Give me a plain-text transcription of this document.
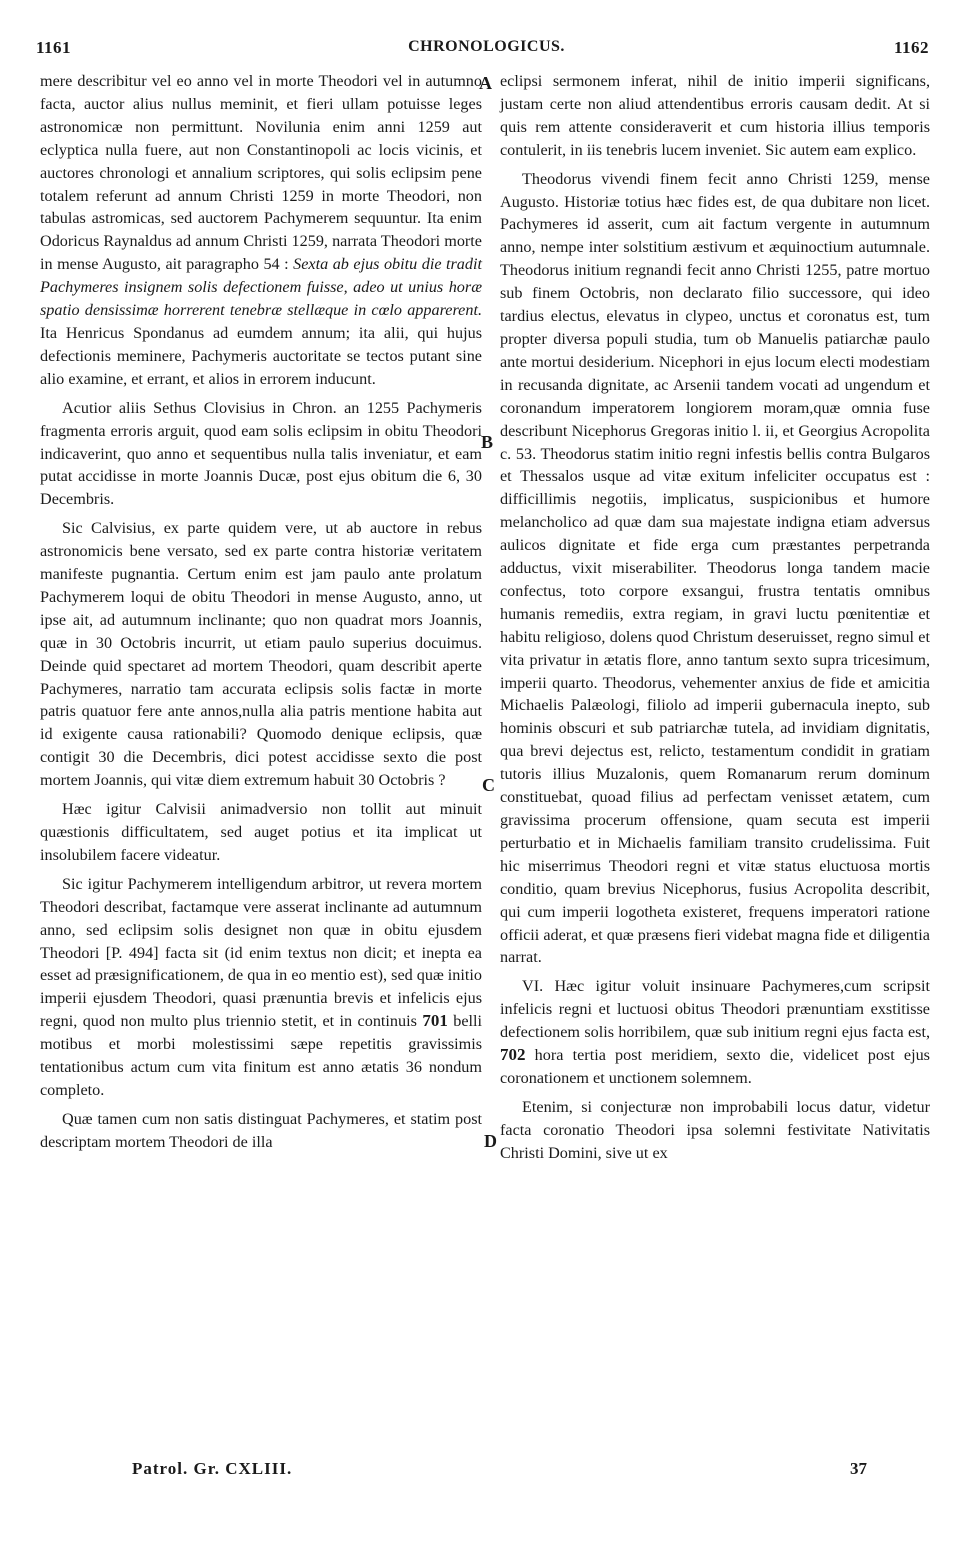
1161	CHRONOLOGICUS.	1162
A
B
C
D

mere describitur vel eo anno vel in morte Theodori vel in autumno facta, auctor alius nullus meminit, et fieri ullam potuisse leges astronomicæ non permittunt. Novilunia enim anni 1259 aut eclyptica nulla fuere, aut non Constantinopoli ac locis vicinis, et auctores chronologi et annalium scriptores, qui solis eclipsim pene totalem referunt ad annum Christi 1259 in morte Theodori, non tabulas astromicas, sed auctorem Pachymerem sequuntur. Ita enim Odoricus Raynaldus ad annum Christi 1259, narrata Theodori morte in mense Augusto, ait paragrapho 54 : Sexta ab ejus obitu die tradit Pachymeres insignem solis defectionem fuisse, adeo ut unius horæ spatio densissimæ horrerent tenebræ stellæque in cœlo apparerent. Ita Henricus Spondanus ad eumdem annum; ita alii, qui hujus defectionis meminere, Pachymeris auctoritate se tectos putant sine alio examine, et errant, et alios in errorem inducunt.

Acutior aliis Sethus Clovisius in Chron. an 1255 Pachymeris fragmenta erroris arguit, quod eam solis eclipsim in obitu Theodori indicaverint, quo anno et sequentibus nulla talis inveniatur, et eam putat accidisse in morte Joannis Ducæ, post ejus obitum die 6, 30 Decembris.

Sic Calvisius, ex parte quidem vere, ut ab auctore in rebus astronomicis bene versato, sed ex parte contra historiæ veritatem manifeste pugnantia. Certum enim est jam paulo ante prolatum Pachymerem loqui de obitu Theodori in mense Augusto, anno, ut ipse ait, ad autumnum inclinante; quo non quadrat mors Joannis, quæ in 30 Octobris incurrit, ut etiam paulo superius docuimus. Deinde quid spectaret ad mortem Theodori, quam describit aperte Pachymeres, narratio tam accurata eclipsis solis factæ in morte patris quatuor fere ante annos,nulla alia patris mentione habita aut id exigente causa rationabili? Quomodo denique eclipsis, quæ contigit 30 die Decembris, dici potest accidisse sexto die post mortem Joannis, qui vitæ diem extremum habuit 30 Octobris ?

Hæc igitur Calvisii animadversio non tollit aut minuit quæstionis difficultatem, sed auget potius et ita implicat ut insolubilem facere videatur.

Sic igitur Pachymerem intelligendum arbitror, ut revera mortem Theodori describat, factamque vere asserat inclinante ad autumnum anno, sed eclipsim solis designet non quæ in obitu ejusdem Theodori [P. 494] facta sit (id enim textus non dicit; et inepta ea esset ad præsignificationem, de qua in eo mentio est), sed quæ initio imperii ejusdem Theodori, quasi prænuntia brevis et infelicis ejus regni, quod non multo plus triennio stetit, et in continuis 701 belli motibus et morbi molestissimi sæpe repetitis gravissimis tentationibus actum cum vita finitum est anno ætatis 36 nondum completo.

Quæ tamen cum non satis distinguat Pachymeres, et statim post descriptam mortem Theodori de illa

eclipsi sermonem inferat, nihil de initio imperii significans, justam certe non aliud attendentibus erroris causam dedit. At si quis rem attente consideraverit et cum historia illius temporis contulerit, in iis tenebris lucem inveniet. Sic autem eam explico.

Theodorus vivendi finem fecit anno Christi 1259, mense Augusto. Historiæ totius hæc fides est, de qua dubitare non licet. Pachymeres id asserit, cum ait factum vergente in autumnum anno, nempe inter solstitium æstivum et æquinoctium autumnale. Theodorus initium regnandi fecit anno Christi 1255, patre mortuo sub finem Octobris, non declarato filio successore, qui ideo tardius electus, elevatus in clypeo, unctus et coronatus est, tum propter diversa populi studia, tum ob Manuelis patiarchæ paulo ante mortui desiderium. Nicephori in ejus locum electi modestiam in recusanda dignitate, ac Arsenii tandem vocati ad ungendum et coronandum imperatorem longiorem moram,quæ omnia fuse describunt Nicephorus Gregoras initio l. ii, et Georgius Acropolita c. 53. Theodorus statim initio regni infestis bellis contra Bulgaros et Thessalos usque ad vitæ exitum infeliciter occupatus est : difficillimis negotiis, implicatus, suspicionibus et humore melancholico ad quæ dam sua majestate indigna etiam adversus aulicos dignitate et fide erga cum præstantes perpetranda adductus, vixit miserabiliter. Theodorus longa tandem macie confectus, toto corpore exsangui, frustra tentatis omnibus humanis remediis, extra regiam, in gravi luctu pœnitentiæ et habitu religioso, dolens quod Christum deseruisset, regno simul et vita privatur in ætatis flore, anno tantum sexto supra tricesimum, imperii quarto. Theodorus, vehementer anxius de fide et amicitia Michaelis Palæologi, filiolo ad imperii gubernacula inepto, sub hominis obscuri et sub patriarchæ tutela, ad invidiam dignitatis, qua brevi dejectus est, relicto, testamentum condidit in gratiam tutoris illius Muzalonis, quem Romanarum rerum dominum constituebat, quoad filius ad perfectam venisset ætatem, cum gravissima procerum offensione, quam secuta est imperii perturbatio et in Michaelis familiam transito crudelissima. Fuit hic miserrimus Theodori regni et vitæ status eluctuosa mortis conditio, quam brevius Nicephorus, fusius Acropolita describit, qui cum imperii logotheta existeret, frequens imperatori ratione officii aderat, et quæ præsens fieri videbat magna fide et diligentia narrat.

VI. Hæc igitur voluit insinuare Pachymeres,cum scripsit infelicis regni et luctuosi obitus Theodori prænuntiam exstitisse defectionem solis horribilem, quæ sub initium regni ejus facta est, 702 hora tertia post meridiem, sexto die, videlicet post ejus coronationem et unctionem solemnem.

Etenim, si conjecturæ non improbabili locus datur, videtur facta coronatio Theodori ipsa solemni festivitate Nativitatis Christi Domini, sive ut ex

Patrol. Gr. CXLIII.	37
